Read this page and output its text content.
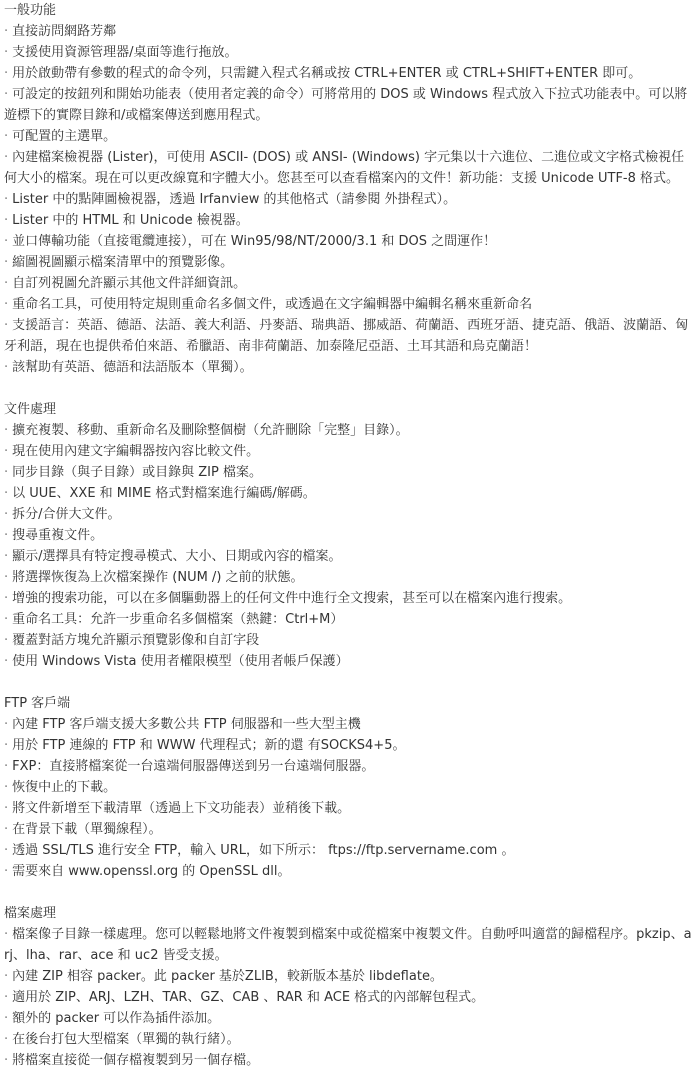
一般功能
· 直接訪問網路芳鄰
· 支援使用資源管理器/桌面等進行拖放。
· 用於啟動帶有參數的程式的命令列，只需鍵入程式名稱或按 CTRL+ENTER 或 CTRL+SHIFT+ENTER 即可。
· 可設定的按鈕列和開始功能表（使用者定義的命令）可將常用的 DOS 或 Windows 程式放入下拉式功能表中。可以將遊標下的實際目錄和/或檔案傳送到應用程式。
· 可配置的主選單。
· 內建檔案檢視器 (Lister)，可使用 ASCII- (DOS) 或 ANSI- (Windows) 字元集以十六進位、二進位或文字格式檢視任何大小的檔案。現在可以更改線寬和字體大小。您甚至可以查看檔案內的文件！新功能：支援 Unicode UTF-8 格式。
· Lister 中的點陣圖檢視器，透過 Irfanview 的其他格式（請參閱 外掛程式）。
· Lister 中的 HTML 和 Unicode 檢視器。
· 並口傳輸功能（直接電纜連接），可在 Win95/98/NT/2000/3.1 和 DOS 之間運作！
· 縮圖視圖顯示檔案清單中的預覽影像。
· 自訂列視圖允許顯示其他文件詳細資訊。
· 重命名工具，可使用特定規則重命名多個文件，或透過在文字編輯器中編輯名稱來重新命名
· 支援語言：英語、德語、法語、義大利語、丹麥語、瑞典語、挪威語、荷蘭語、西班牙語、捷克語、俄語、波蘭語、匈牙利語，現在也提供希伯來語、希臘語、南非荷蘭語、加泰隆尼亞語、土耳其語和烏克蘭語！
· 該幫助有英語、德語和法語版本（單獨）。
文件處理
· 擴充複製、移動、重新命名及刪除整個樹（允許刪除「完整」目錄）。
· 現在使用內建文字編輯器按內容比較文件。
· 同步目錄（與子目錄）或目錄與 ZIP 檔案。
· 以 UUE、XXE 和 MIME 格式對檔案進行編碼/解碼。
· 拆分/合併大文件。
· 搜尋重複文件。
· 顯示/選擇具有特定搜尋模式、大小、日期或內容的檔案。
· 將選擇恢復為上次檔案操作 (NUM /) 之前的狀態。
· 增強的搜索功能，可以在多個驅動器上的任何文件中進行全文搜索，甚至可以在檔案內進行搜索。
· 重命名工具：允許一步重命名多個檔案（熱鍵：Ctrl+M）
· 覆蓋對話方塊允許顯示預覽影像和自訂字段
· 使用 Windows Vista 使用者權限模型（使用者帳戶保護）
FTP 客戶端
· 內建 FTP 客戶端支援大多數公共 FTP 伺服器和一些大型主機
· 用於 FTP 連線的 FTP 和 WWW 代理程式；新的還 有SOCKS4+5。
· FXP：直接將檔案從一台遠端伺服器傳送到另一台遠端伺服器。
· 恢復中止的下載。
· 將文件新增至下載清單（透過上下文功能表）並稍後下載。
· 在背景下載（單獨線程）。
· 透過 SSL/TLS 進行安全 FTP，輸入 URL，如下所示： ftps://ftp.servername.com 。
· 需要來自 www.openssl.org 的 OpenSSL dll。
檔案處理
· 檔案像子目錄一樣處理。您可以輕鬆地將文件複製到檔案中或從檔案中複製文件。自動呼叫適當的歸檔程序。pkzip、arj、lha、rar、ace 和 uc2 皆受支援。
· 內建 ZIP 相容 packer。此 packer 基於ZLIB，較新版本基於 libdeflate。
· 適用於 ZIP、ARJ、LZH、TAR、GZ、CAB 、RAR 和 ACE 格式的內部解包程式。
· 額外的 packer 可以作為插件添加。
· 在後台打包大型檔案（單獨的執行緒）。
· 將檔案直接從一個存檔複製到另一個存檔。
